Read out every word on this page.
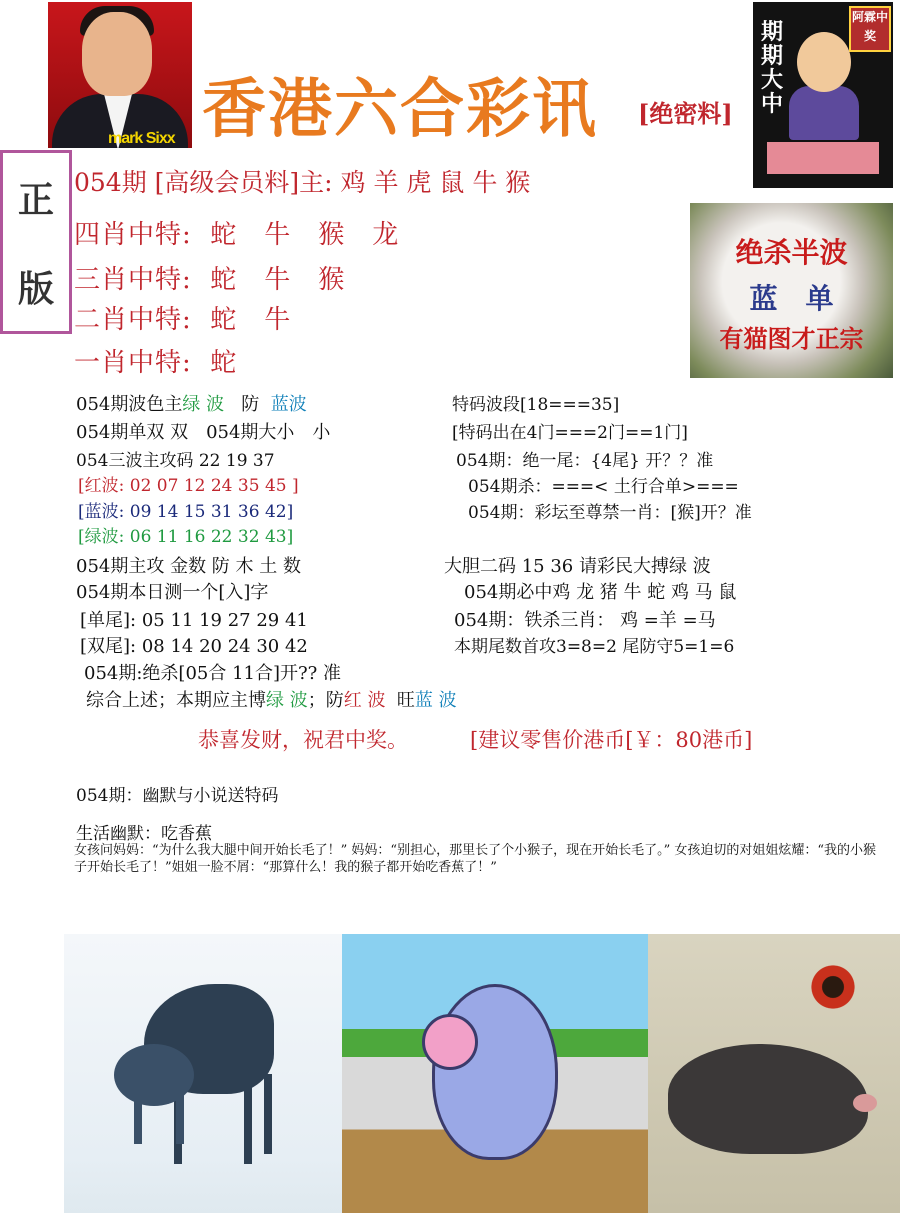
mark Sixx 香港六合彩讯 [绝密料]
期期大中
阿霖中奖
正
版
绝杀半波
蓝　单
有猫图才正宗
054期 [高级会员料]主: 鸡 羊 虎 鼠 牛 猴
四肖中特: 蛇　牛　猴　龙
三肖中特: 蛇　牛　猴
二肖中特: 蛇　牛
一肖中特: 蛇
054期波色主绿 波 防 蓝波
054期单双 双　054期大小　小
054三波主攻码 22 19 37
[红波: 02 07 12 24 35 45 ]
[蓝波: 09 14 15 31 36 42]
[绿波: 06 11 16 22 32 43]
054期主攻 金数 防 木 土 数
054期本日测一个[入]字
[单尾]: 05 11 19 27 29 41
[双尾]: 08 14 20 24 30 42
054期:绝杀[05合 11合]开?? 准
综合上述；本期应主博绿 波；防红 波 旺蓝 波
特码波段[18===35]
[特码出在4门===2门==1门]
054期：绝一尾：{4尾} 开？？准
054期杀：===< 土行合单>===
054期：彩坛至尊禁一肖：[猴]开？准
大胆二码 15 36 请彩民大搏绿 波
054期必中鸡 龙 猪 牛 蛇 鸡 马 鼠
054期：铁杀三肖： 鸡 =羊 =马
本期尾数首攻3=8=2 尾防守5=1=6
恭喜发财，祝君中奖。	[建议零售价港币[￥：80港币]
054期：幽默与小说送特码
生活幽默：吃香蕉
女孩问妈妈：“为什么我大腿中间开始长毛了！” 妈妈：“别担心，那里长了个小猴子，现在开始长毛了。” 女孩迫切的对姐姐炫耀：“我的小猴子开始长毛了！”姐姐一脸不屑：“那算什么！我的猴子都开始吃香蕉了！”
